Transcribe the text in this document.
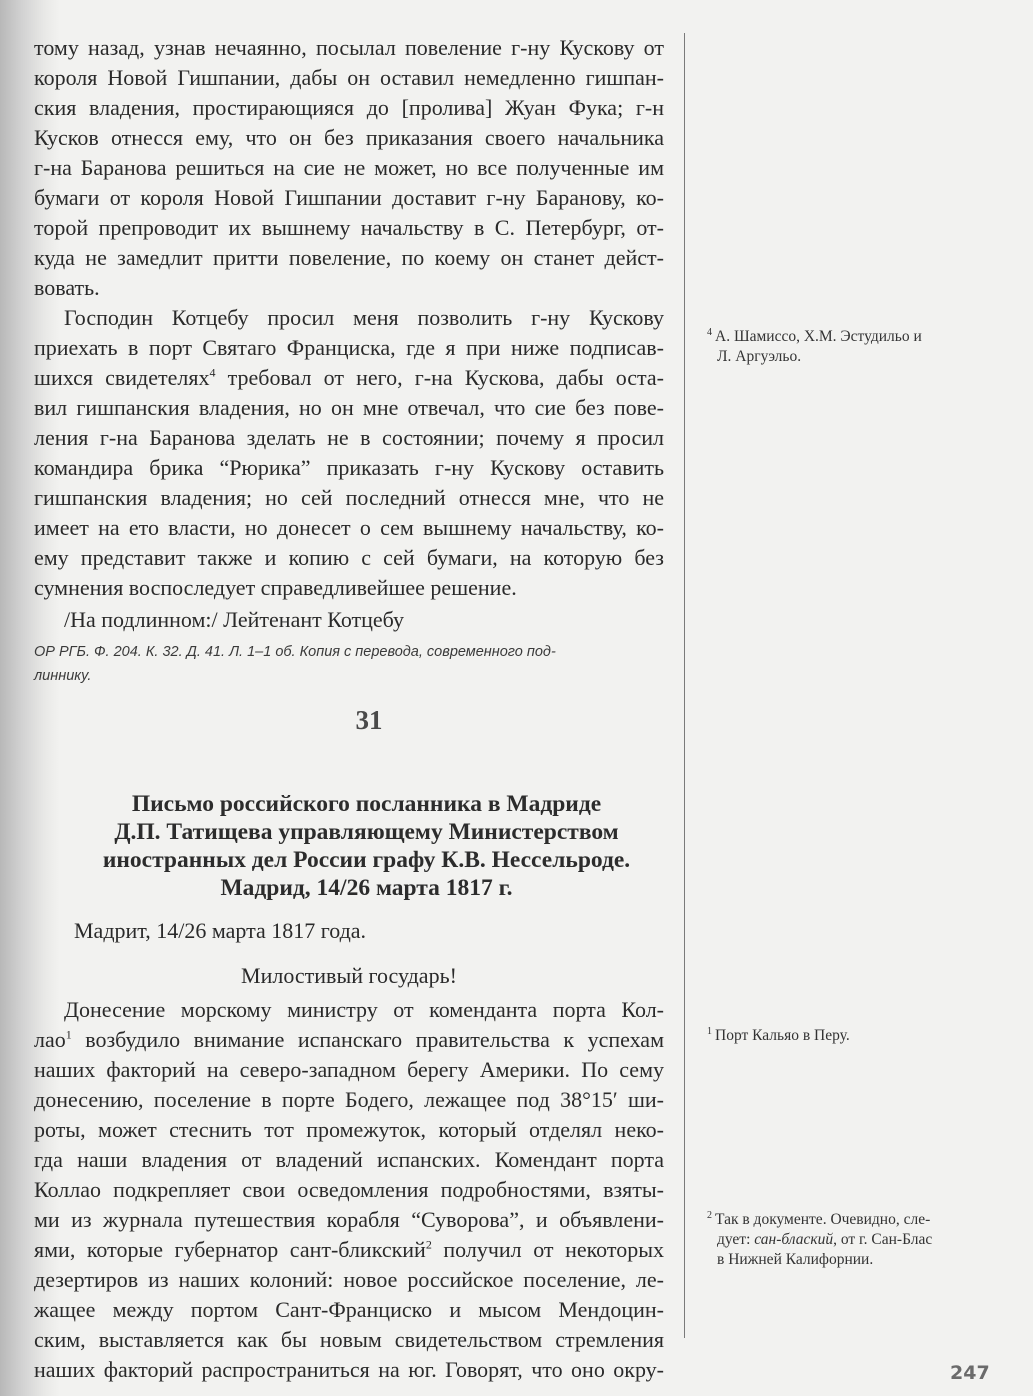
тому назад, узнав нечаянно, посылал повеление г-ну Кускову от
короля Новой Гишпании, дабы он оставил немедленно гишпан-
ския владения, простирающияся до [пролива] Жуан Фука; г-н
Кусков отнесся ему, что он без приказания своего начальника
г-на Баранова решиться на сие не может, но все полученные им
бумаги от короля Новой Гишпании доставит г-ну Баранову, ко-
торой препроводит их вышнему начальству в С. Петербург, от-
куда не замедлит притти повеление, по коему он станет дейст-
вовать.
Господин Котцебу просил меня позволить г-ну Кускову
приехать в порт Святаго Франциска, где я при ниже подписав-
шихся свидетелях$^4$ требовал от него, г-на Кускова, дабы оста-
вил гишпанския владения, но он мне отвечал, что сие без пове-
ления г-на Баранова зделать не в состоянии; почему я просил
командира брика “Рюрика” приказать г-ну Кускову оставить
гишпанския владения; но сей последний отнесся мне, что не
имеет на ето власти, но донесет о сем вышнему начальству, ко-
ему представит также и копию с сей бумаги, на которую без
сумнения воспоследует справедливейшее решение.
/На подлинном:/ Лейтенант Котцебу
ОР РГБ. Ф. 204. К. 32. Д. 41. Л. 1–1 об. Копия с перевода, современного под-
линнику.
31
Письмо российского посланника в Мадриде
Д.П. Татищева управляющему Министерством
иностранных дел России графу К.В. Нессельроде.
Мадрид, 14/26 марта 1817 г.
Мадрит, 14/26 марта 1817 года.
Милостивый государь!
Донесение морскому министру от коменданта порта Кол-
лао$^1$ возбудило внимание испанскаго правительства к успехам
наших факторий на северо-западном берегу Америки. По сему
донесению, поселение в порте Бодего, лежащее под 38°15′ ши-
роты, может стеснить тот промежуток, который отделял неко-
гда наши владения от владений испанских. Комендант порта
Коллао подкрепляет свои осведомления подробностями, взяты-
ми из журнала путешествия корабля “Суворова”, и объявлени-
ями, которые губернатор сант-бликский$^2$ получил от некоторых
дезертиров из наших колоний: новое российское поселение, ле-
жащее между портом Сант-Франциско и мысом Мендоцин-
ским, выставляется как бы новым свидетельством стремления
наших факторий распространиться на юг. Говорят, что оно окру-
$^4$ А. Шамиссо, Х.М. Эстудильо и
Л. Аргуэльо.
$^1$ Порт Кальяо в Перу.
$^2$ Так в документе. Очевидно, сле-
дует: сан-блаский, от г. Сан-Блас
в Нижней Калифорнии.
247
